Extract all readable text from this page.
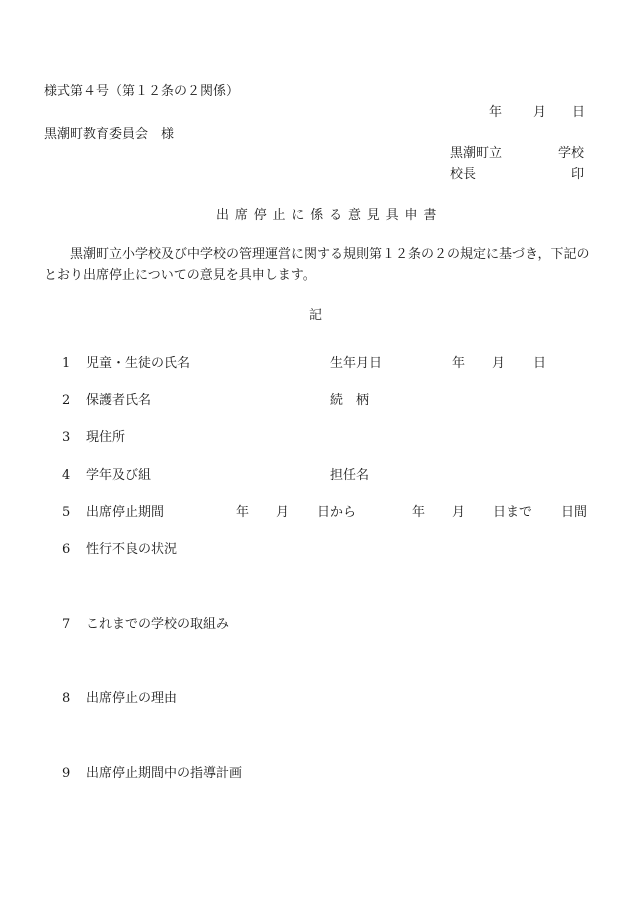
様式第４号（第１２条の２関係）
年 月 日
黒潮町教育委員会　様
黒潮町立	学校
校長	印
出席停止に係る意見具申書
黒潮町立小学校及び中学校の管理運営に関する規則第１２条の２の規定に基づき，下記のとおり出席停止についての意見を具申します。
記
1 児童・生徒の氏名	生年月日	年 月 日
2 保護者氏名	続　柄
3 現住所
4 学年及び組	担任名
5 出席停止期間	年 月 日から	年 月 日まで 日間
6 性行不良の状況
7 これまでの学校の取組み
8 出席停止の理由
9 出席停止期間中の指導計画
